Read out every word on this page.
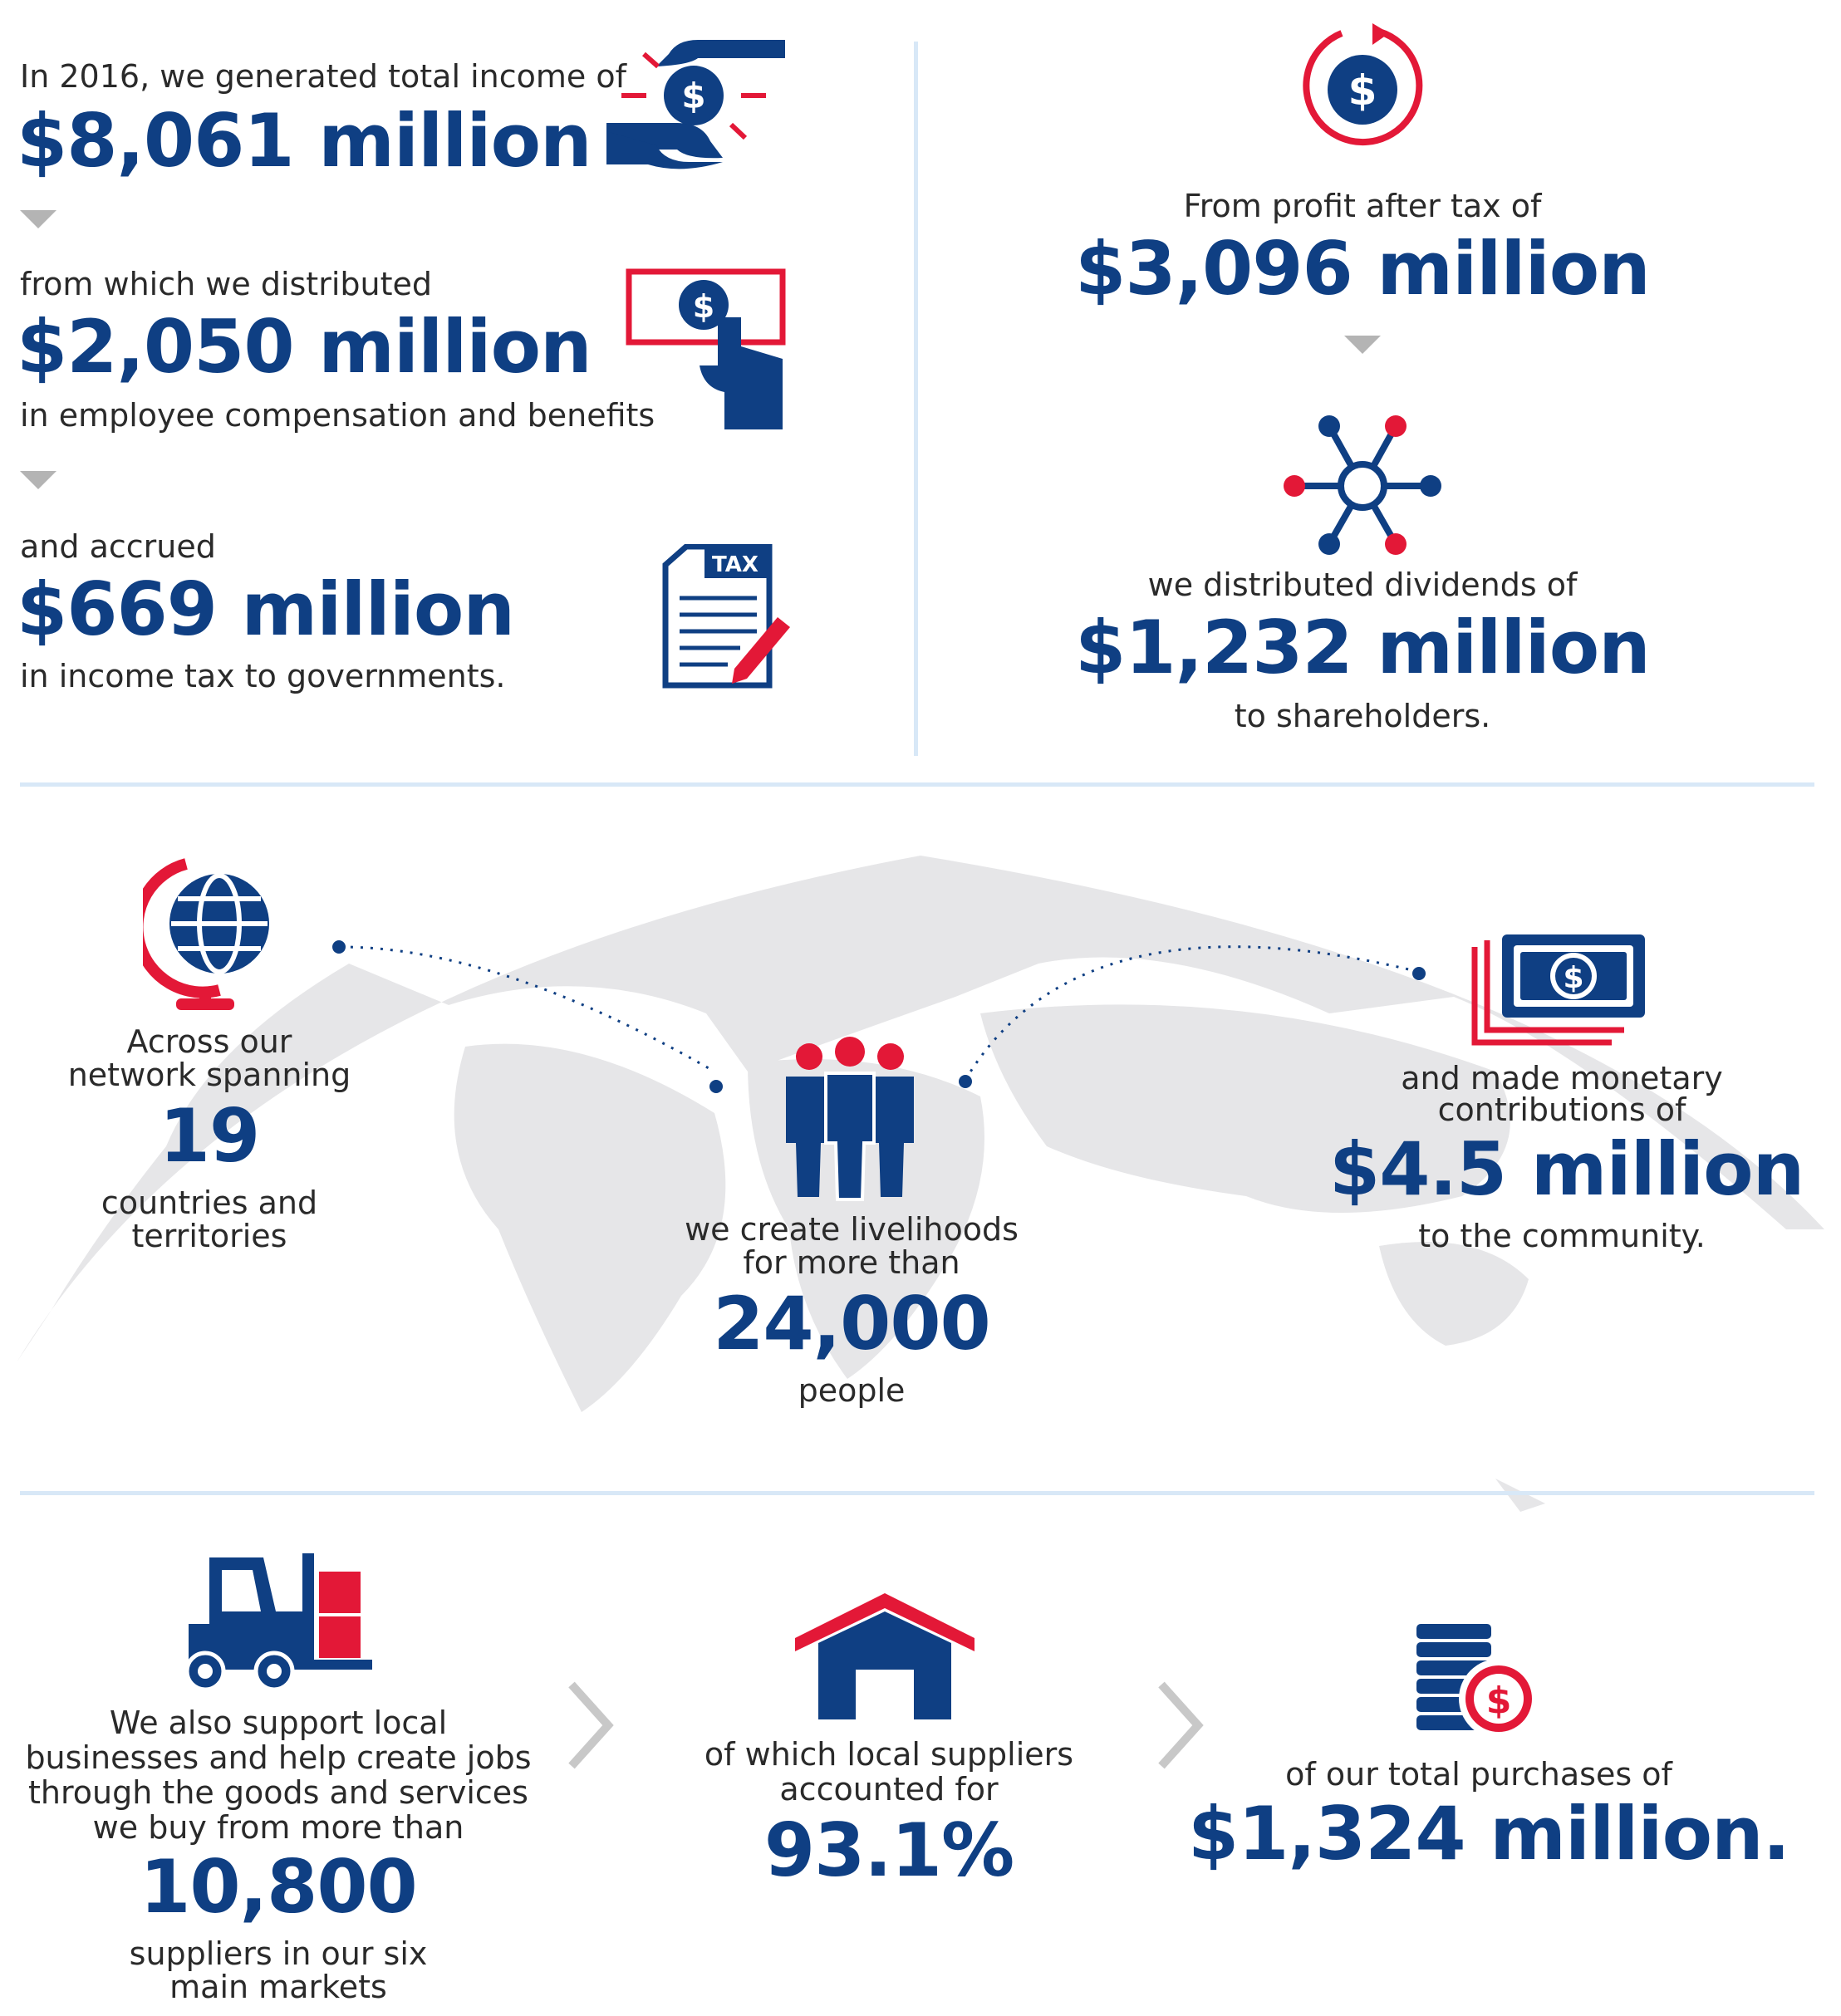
In 2016, we generated total income of
$8,061 million
from which we distributed
$2,050 million
in employee compensation and benefits
and accrued
$669 million
in income tax to governments.
$
$
TAX
$
From profit after tax of
$3,096 million
we distributed dividends of
$1,232 million
to shareholders.
Across our
network spanning
19
countries and
territories	we create livelihoods
for more than
24,000
people
$
and made monetary
contributions of
$4.5 million
to the community.
We also support local
businesses and help create jobs
through the goods and services
we buy from more than
10,800
suppliers in our six
main markets
of which local suppliers
accounted for
93.1%
$
of our total purchases of
$1,324 million.
